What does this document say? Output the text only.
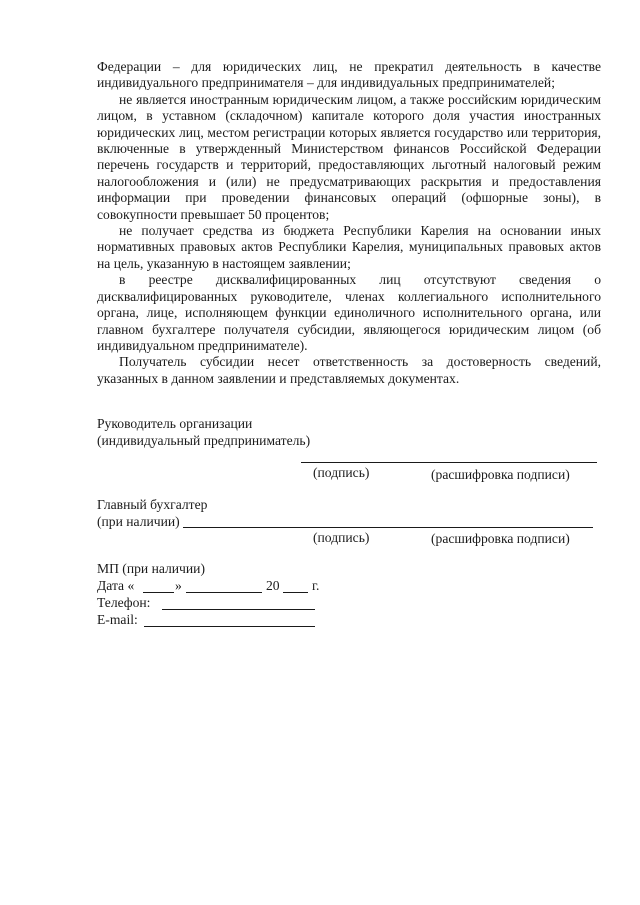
Федерации – для юридических лиц, не прекратил деятельность в качестве индивидуального предпринимателя – для индивидуальных предпринимателей;

не является иностранным юридическим лицом, а также российским юридическим лицом, в уставном (складочном) капитале которого доля участия иностранных юридических лиц, местом регистрации которых является государство или территория, включенные в утвержденный Министерством финансов Российской Федерации перечень государств и территорий, предоставляющих льготный налоговый режим налогообложения и (или) не предусматривающих раскрытия и предоставления информации при проведении финансовых операций (офшорные зоны), в совокупности превышает 50 процентов;

не получает средства из бюджета Республики Карелия на основании иных нормативных правовых актов Республики Карелия, муниципальных правовых актов на цель, указанную в настоящем заявлении;

в реестре дисквалифицированных лиц отсутствуют сведения о дисквалифицированных руководителе, членах коллегиального исполнительного органа, лице, исполняющем функции единоличного исполнительного органа, или главном бухгалтере получателя субсидии, являющегося юридическим лицом (об индивидуальном предпринимателе).

Получатель субсидии несет ответственность за достоверность сведений, указанных в данном заявлении и представляемых документах.

Руководитель организации
(индивидуальный предприниматель)
(подпись)	(расшифровка подписи)
Главный бухгалтер
(при наличии)
(подпись)	(расшифровка подписи)
МП (при наличии)
Дата «	»	20 г.
Телефон:
E-mail:
